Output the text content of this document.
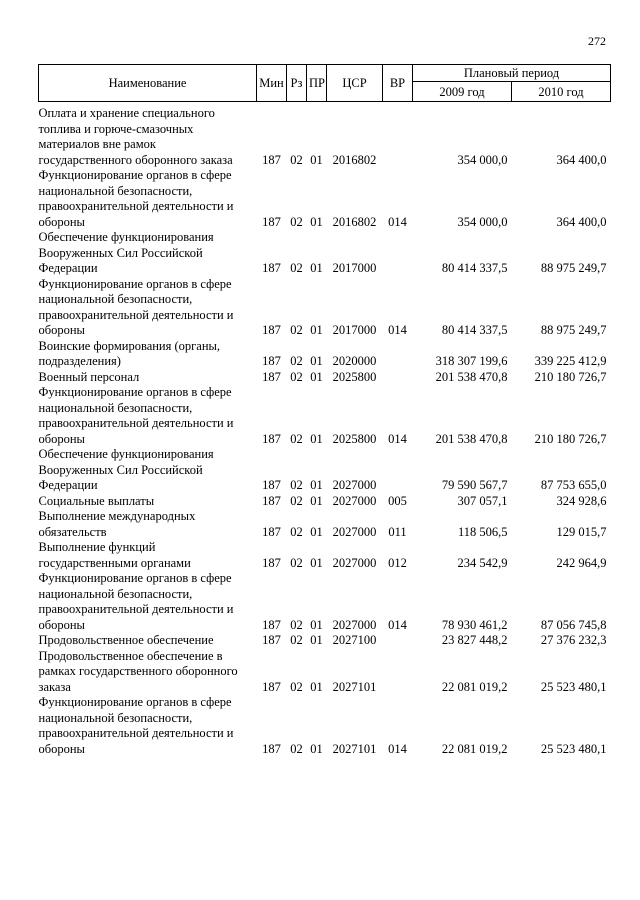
272
Наименование	Мин	Рз	ПР	ЦСР	ВР	Плановый период	
						2009 год	2010 год
Оплата и хранение специального топлива и горюче-смазочных материалов вне рамок государственного оборонного заказа	187	02	01	2016802		354 000,0	364 400,0
Функционирование органов в сфере национальной безопасности, правоохранительной деятельности и обороны	187	02	01	2016802	014	354 000,0	364 400,0
Обеспечение функционирования Вооруженных Сил Российской Федерации	187	02	01	2017000		80 414 337,5	88 975 249,7
Функционирование органов в сфере национальной безопасности, правоохранительной деятельности и обороны	187	02	01	2017000	014	80 414 337,5	88 975 249,7
Воинские формирования (органы, подразделения)	187	02	01	2020000		318 307 199,6	339 225 412,9
Военный персонал	187	02	01	2025800		201 538 470,8	210 180 726,7
Функционирование органов в сфере национальной безопасности, правоохранительной деятельности и обороны	187	02	01	2025800	014	201 538 470,8	210 180 726,7
Обеспечение функционирования Вооруженных Сил Российской Федерации	187	02	01	2027000		79 590 567,7	87 753 655,0
Социальные выплаты	187	02	01	2027000	005	307 057,1	324 928,6
Выполнение международных обязательств	187	02	01	2027000	011	118 506,5	129 015,7
Выполнение функций государственными органами	187	02	01	2027000	012	234 542,9	242 964,9
Функционирование органов в сфере национальной безопасности, правоохранительной деятельности и обороны	187	02	01	2027000	014	78 930 461,2	87 056 745,8
Продовольственное обеспечение	187	02	01	2027100		23 827 448,2	27 376 232,3
Продовольственное обеспечение в рамках государственного оборонного заказа	187	02	01	2027101		22 081 019,2	25 523 480,1
Функционирование органов в сфере национальной безопасности, правоохранительной деятельности и обороны	187	02	01	2027101	014	22 081 019,2	25 523 480,1
